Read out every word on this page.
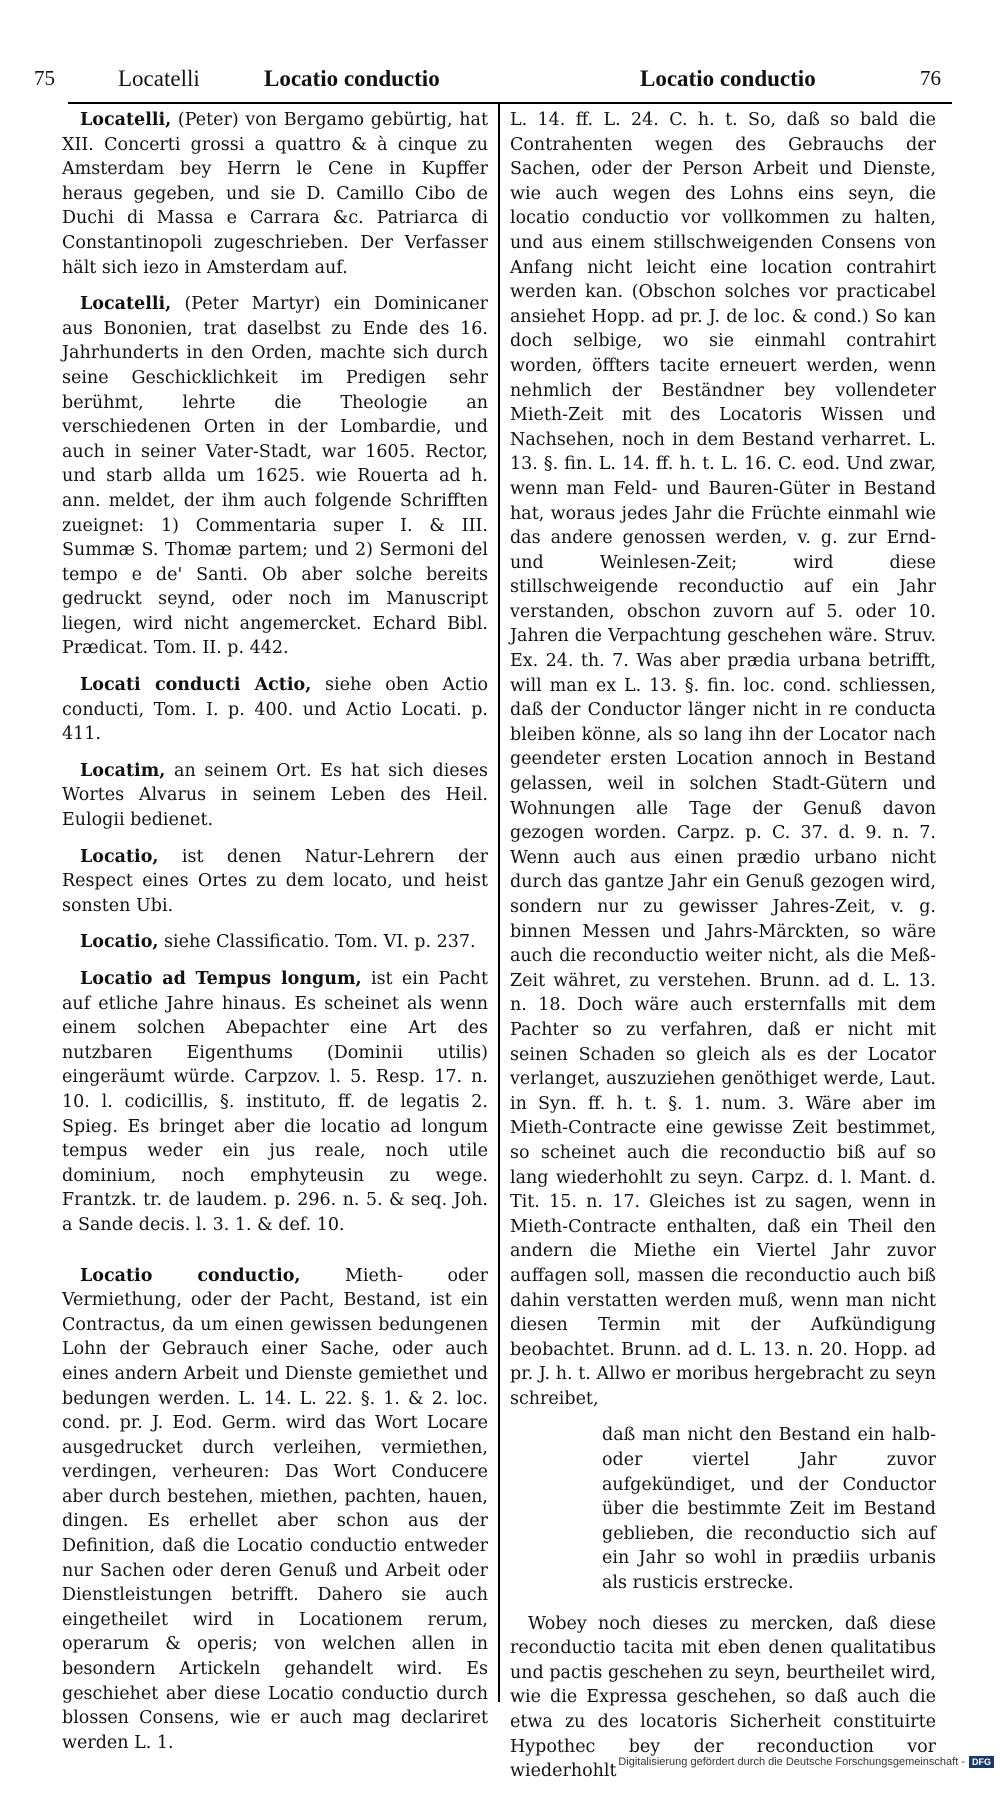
75	Locatelli	Locatio conductio	Locatio conductio	76

Locatelli, (Peter) von Bergamo gebürtig, hat XII. Concerti grossi a quattro & à cinque zu Amsterdam bey Herrn le Cene in Kupffer heraus gegeben, und sie D. Camillo Cibo de Duchi di Massa e Carrara &c. Patriarca di Constantinopoli zugeschrieben. Der Verfasser hält sich iezo in Amsterdam auf.

Locatelli, (Peter Martyr) ein Dominicaner aus Bononien, trat daselbst zu Ende des 16. Jahrhunderts in den Orden, machte sich durch seine Geschicklichkeit im Predigen sehr berühmt, lehrte die Theologie an verschiedenen Orten in der Lombardie, und auch in seiner Vater-Stadt, war 1605. Rector, und starb allda um 1625. wie Rouerta ad h. ann. meldet, der ihm auch folgende Schrifften zueignet: 1) Commentaria super I. & III. Summæ S. Thomæ partem; und 2) Sermoni del tempo e de' Santi. Ob aber solche bereits gedruckt seynd, oder noch im Manuscript liegen, wird nicht angemercket. Echard Bibl. Prædicat. Tom. II. p. 442.

Locati conducti Actio, siehe oben Actio conducti, Tom. I. p. 400. und Actio Locati. p. 411.

Locatim, an seinem Ort. Es hat sich dieses Wortes Alvarus in seinem Leben des Heil. Eulogii bedienet.

Locatio, ist denen Natur-Lehrern der Respect eines Ortes zu dem locato, und heist sonsten Ubi.

Locatio, siehe Classificatio. Tom. VI. p. 237.

Locatio ad Tempus longum, ist ein Pacht auf etliche Jahre hinaus. Es scheinet als wenn einem solchen Abepachter eine Art des nutzbaren Eigenthums (Dominii utilis) eingeräumt würde. Carpzov. l. 5. Resp. 17. n. 10. l. codicillis, §. instituto, ff. de legatis 2. Spieg. Es bringet aber die locatio ad longum tempus weder ein jus reale, noch utile dominium, noch emphyteusin zu wege. Frantzk. tr. de laudem. p. 296. n. 5. & seq. Joh. a Sande decis. l. 3. 1. & def. 10.

Locatio conductio,	Mieth- oder Vermiethung, oder der Pacht, Bestand, ist ein Contractus, da um einen gewissen bedungenen Lohn der Gebrauch einer Sache, oder auch eines andern Arbeit und Dienste gemiethet und bedungen werden. L. 14. L. 22. §. 1. & 2. loc. cond. pr. J. Eod. Germ. wird das Wort Locare ausgedrucket durch verleihen, vermiethen, verdingen, verheuren: Das Wort Conducere aber durch bestehen, miethen, pachten, hauen, dingen. Es erhellet aber schon aus der Definition, daß die Locatio conductio entweder nur Sachen oder deren Genuß und Arbeit oder Dienstleistungen betrifft. Dahero sie auch eingetheilet wird in Locationem rerum, operarum & operis; von welchen allen in besondern Artickeln gehandelt wird. Es geschiehet aber diese Locatio conductio durch blossen Consens, wie er auch mag declariret werden L. 1.

L. 14. ff. L. 24. C. h. t. So, daß so bald die Contrahenten wegen des Gebrauchs der Sachen, oder der Person Arbeit und Dienste, wie auch wegen des Lohns eins seyn, die locatio conductio vor vollkommen zu halten, und aus einem stillschweigenden Consens von Anfang nicht leicht eine location contrahirt werden kan. (Obschon solches vor practicabel ansiehet Hopp. ad pr. J. de loc. & cond.) So kan doch selbige, wo sie einmahl contrahirt worden, öffters tacite erneuert werden, wenn nehmlich der Beständner bey vollendeter Mieth-Zeit mit des Locatoris Wissen und Nachsehen, noch in dem Bestand verharret. L. 13. §. fin. L. 14. ff. h. t. L. 16. C. eod. Und zwar, wenn man Feld- und Bauren-Güter in Bestand hat, woraus jedes Jahr die Früchte einmahl wie das andere genossen werden, v. g. zur Ernd- und Weinlesen-Zeit; wird diese stillschweigende reconductio auf ein Jahr verstanden, obschon zuvorn auf 5. oder 10. Jahren die Verpachtung geschehen wäre. Struv. Ex. 24. th. 7. Was aber prædia urbana betrifft, will man ex L. 13. §. fin. loc. cond. schliessen, daß der Conductor länger nicht in re conducta bleiben könne, als so lang ihn der Locator nach geendeter ersten Location annoch in Bestand gelassen, weil in solchen Stadt-Gütern und Wohnungen alle Tage der Genuß davon gezogen worden. Carpz. p. C. 37. d. 9. n. 7. Wenn auch aus einen prædio urbano nicht durch das gantze Jahr ein Genuß gezogen wird, sondern nur zu gewisser Jahres-Zeit, v. g. binnen Messen und Jahrs-Märckten, so wäre auch die reconductio weiter nicht, als die Meß-Zeit währet, zu verstehen. Brunn. ad d. L. 13. n. 18. Doch wäre auch ersternfalls mit dem Pachter so zu verfahren, daß er nicht mit seinen Schaden so gleich als es der Locator verlanget, auszuziehen genöthiget werde, Laut. in Syn. ff. h. t. §. 1. num. 3. Wäre aber im Mieth-Contracte eine gewisse Zeit bestimmet, so scheinet auch die reconductio biß auf so lang wiederhohlt zu seyn. Carpz. d. l. Mant. d. Tit. 15. n. 17. Gleiches ist zu sagen, wenn in Mieth-Contracte enthalten, daß ein Theil den andern die Miethe ein Viertel Jahr zuvor auffagen soll, massen die reconductio auch biß dahin verstatten werden muß, wenn man nicht diesen Termin mit der Aufkündigung beobachtet. Brunn. ad d. L. 13. n. 20. Hopp. ad pr. J. h. t. Allwo er moribus hergebracht zu seyn schreibet,

daß man nicht den Bestand ein halb- oder viertel Jahr zuvor aufgekündiget, und der Conductor über die bestimmte Zeit im Bestand geblieben, die reconductio sich auf ein Jahr so wohl in prædiis urbanis als rusticis erstrecke.

Wobey noch dieses zu mercken, daß diese reconductio tacita mit eben denen qualitatibus und pactis geschehen zu seyn, beurtheilet wird, wie die Expressa geschehen, so daß auch die etwa zu des locatoris Sicherheit constituirte Hypothec bey der reconduction vor wiederhohlt Digitalisierung gefördert durch die Deutsche Forschungsgemeinschaft - DFG
